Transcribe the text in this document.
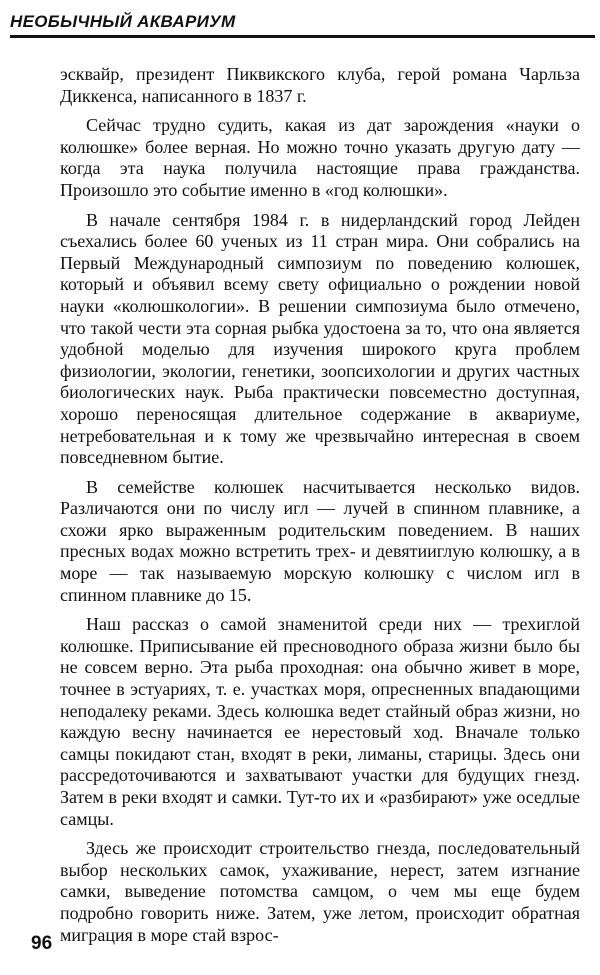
НЕОБЫЧНЫЙ АКВАРИУМ

эсквайр, президент Пиквикского клуба, герой романа Чарльза Диккенса, написанного в 1837 г.

Сейчас трудно судить, какая из дат зарождения «науки о колюшке» более верная. Но можно точно указать другую дату — когда эта наука получила настоящие права гражданства. Произошло это событие именно в «год колюшки».

В начале сентября 1984 г. в нидерландский город Лейден съехались более 60 ученых из 11 стран мира. Они собрались на Первый Международный симпозиум по поведению колюшек, который и объявил всему свету официально о рождении новой науки «колюшкологии». В решении симпозиума было отмечено, что такой чести эта сорная рыбка удостоена за то, что она является удобной моделью для изучения широкого круга проблем физиологии, экологии, генетики, зоопсихологии и других частных биологических наук. Рыба практически повсеместно доступная, хорошо переносящая длительное содержание в аквариуме, нетребовательная и к тому же чрезвычайно интересная в своем повседневном бытие.

В семействе колюшек насчитывается несколько видов. Различаются они по числу игл — лучей в спинном плавнике, а схожи ярко выраженным родительским поведением. В наших пресных водах можно встретить трех- и девятииглую колюшку, а в море — так называемую морскую колюшку с числом игл в спинном плавнике до 15.

Наш рассказ о самой знаменитой среди них — трехиглой колюшке. Приписывание ей пресноводного образа жизни было бы не совсем верно. Эта рыба проходная: она обычно живет в море, точнее в эстуариях, т. е. участках моря, опресненных впадающими неподалеку реками. Здесь колюшка ведет стайный образ жизни, но каждую весну начинается ее нерестовый ход. Вначале только самцы покидают стан, входят в реки, лиманы, старицы. Здесь они рассредоточиваются и захватывают участки для будущих гнезд. Затем в реки входят и самки. Тут-то их и «разбирают» уже оседлые самцы.

Здесь же происходит строительство гнезда, последовательный выбор нескольких самок, ухаживание, нерест, затем изгнание самки, выведение потомства самцом, о чем мы еще будем подробно говорить ниже. Затем, уже летом, происходит обратная миграция в море стай взрос-

96
